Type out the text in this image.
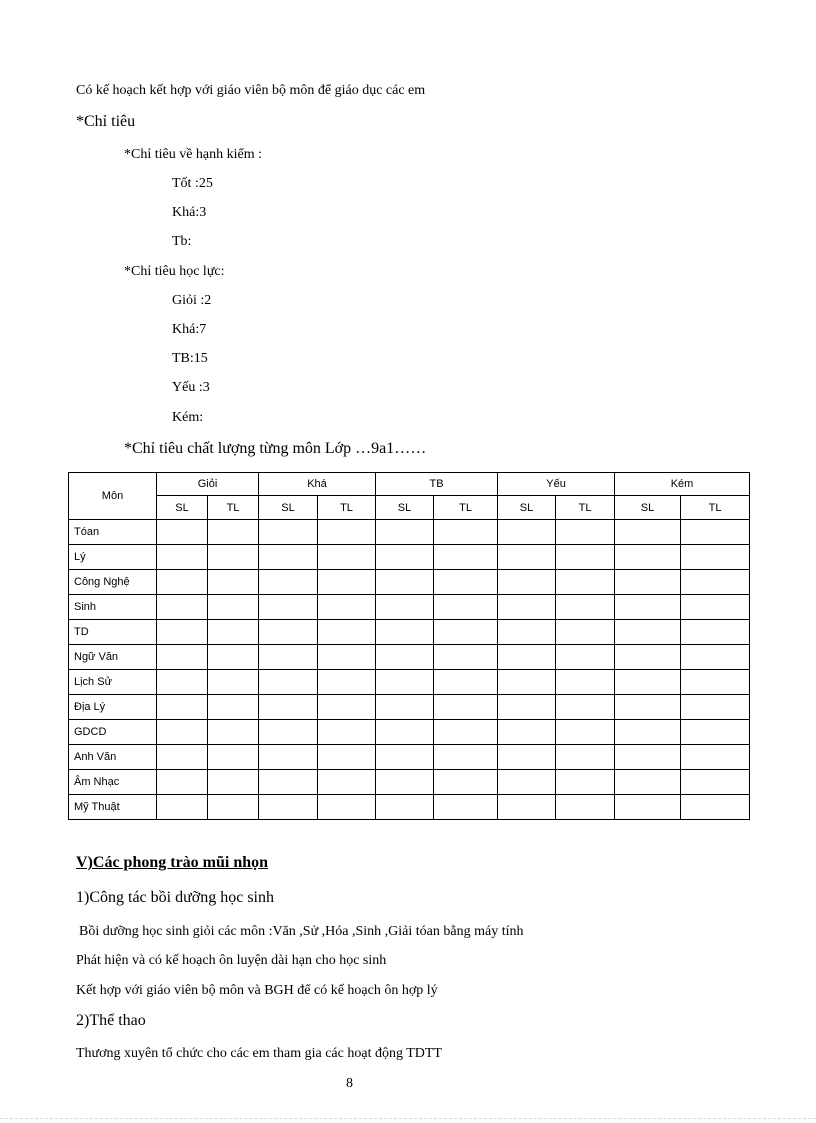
Có kế hoạch kết hợp với giáo viên bộ môn để giáo dục các em
*Chỉ tiêu
*Chỉ tiêu về hạnh kiểm :
Tốt :25
Khá:3
Tb:
*Chỉ tiêu học lực:
Giỏi :2
Khá:7
TB:15
Yếu :3
Kém:
*Chỉ tiêu chất lượng từng môn Lớp …9a1……
Môn	Giỏi		Khá		TB		Yếu		Kém	
	SL	TL	SL	TL	SL	TL	SL	TL	SL	TL
Tóan										
Lý										
Công Nghệ										
Sinh										
TD										
Ngữ Văn										
Lịch Sử										
Địa Lý										
GDCD										
Anh Văn										
Âm Nhạc										
Mỹ Thuật										
V)Các phong trào mũi nhọn
1)Công tác bồi dưỡng học sinh
Bồi dưỡng học sinh giỏi các môn :Văn ,Sử ,Hóa ,Sinh ,Giải tóan bằng máy tính
Phát hiện và có kế hoạch ôn luyện dài hạn cho học sinh
Kết hợp với giáo viên bộ môn và BGH để có kế hoạch ôn hợp lý
2)Thể thao
Thương xuyên tổ chức cho các em tham gia các hoạt động TDTT
8
